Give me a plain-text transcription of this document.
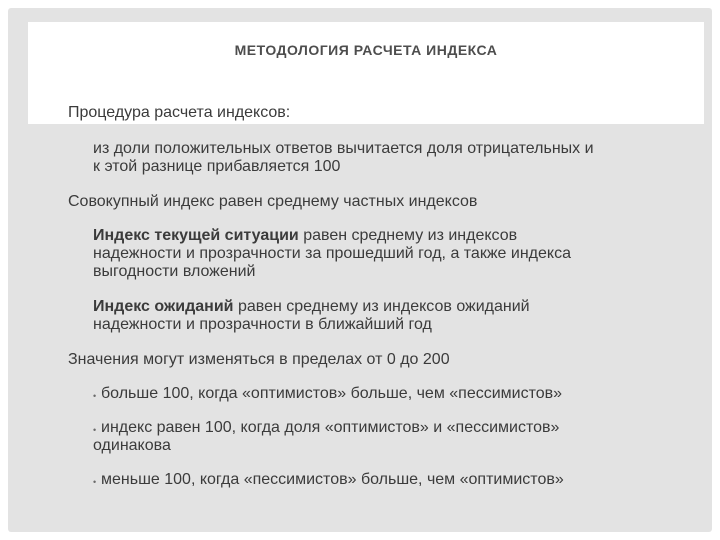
МЕТОДОЛОГИЯ РАСЧЕТА ИНДЕКСА

Процедура расчета индексов:

из доли положительных ответов вычитается доля отрицательных и

к этой разнице прибавляется 100

Совокупный индекс равен среднему частных индексов

Индекс текущей ситуации равен среднему из индексов

надежности и прозрачности за прошедший год, а также индекса

выгодности вложений

Индекс ожиданий равен среднему из индексов ожиданий

надежности и прозрачности в ближайший год

Значения могут изменяться в пределах от 0 до 200

• больше 100, когда «оптимистов» больше, чем «пессимистов»

• индекс равен 100, когда доля «оптимистов» и «пессимистов»

одинакова

• меньше 100, когда «пессимистов» больше, чем «оптимистов»
